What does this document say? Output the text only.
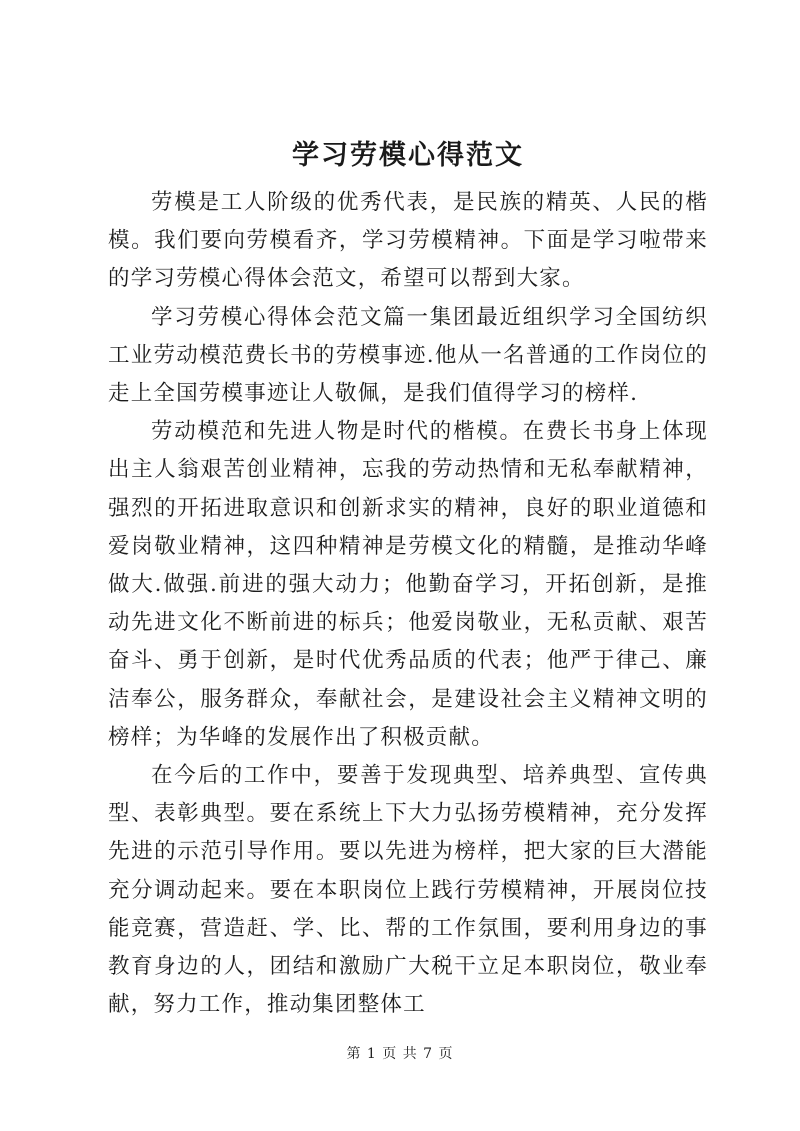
学习劳模心得范文

劳模是工人阶级的优秀代表，是民族的精英、人民的楷模。我们要向劳模看齐，学习劳模精神。下面是学习啦带来的学习劳模心得体会范文，希望可以帮到大家。

学习劳模心得体会范文篇一集团最近组织学习全国纺织工业劳动模范费长书的劳模事迹.他从一名普通的工作岗位的走上全国劳模事迹让人敬佩，是我们值得学习的榜样.

劳动模范和先进人物是时代的楷模。在费长书身上体现出主人翁艰苦创业精神，忘我的劳动热情和无私奉献精神，强烈的开拓进取意识和创新求实的精神，良好的职业道德和爱岗敬业精神，这四种精神是劳模文化的精髓，是推动华峰做大.做强.前进的强大动力；他勤奋学习，开拓创新，是推动先进文化不断前进的标兵；他爱岗敬业，无私贡献、艰苦奋斗、勇于创新，是时代优秀品质的代表；他严于律己、廉洁奉公，服务群众，奉献社会，是建设社会主义精神文明的榜样；为华峰的发展作出了积极贡献。

在今后的工作中，要善于发现典型、培养典型、宣传典型、表彰典型。要在系统上下大力弘扬劳模精神，充分发挥先进的示范引导作用。要以先进为榜样，把大家的巨大潜能充分调动起来。要在本职岗位上践行劳模精神，开展岗位技能竞赛，营造赶、学、比、帮的工作氛围，要利用身边的事教育身边的人，团结和激励广大税干立足本职岗位，敬业奉献，努力工作，推动集团整体工

第 1 页 共 7 页
